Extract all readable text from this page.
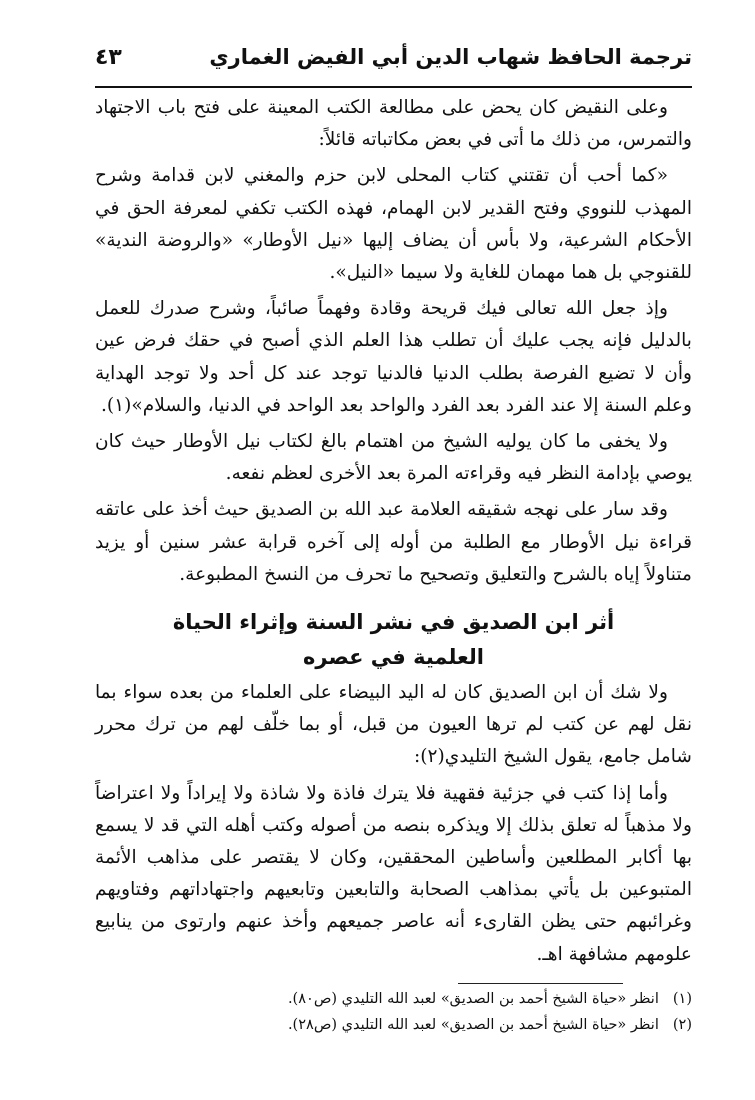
ترجمة الحافظ شهاب الدين أبي الفيض الغماري
٤٣

وعلى النقيض كان يحض على مطالعة الكتب المعينة على فتح باب الاجتهاد والتمرس، من ذلك ما أتى في بعض مكاتباته قائلاً:

«كما أحب أن تقتني كتاب المحلى لابن حزم والمغني لابن قدامة وشرح المهذب للنووي وفتح القدير لابن الهمام، فهذه الكتب تكفي لمعرفة الحق في الأحكام الشرعية، ولا بأس أن يضاف إليها «نيل الأوطار» «والروضة الندية» للقنوجي بل هما مهمان للغاية ولا سيما «النيل».

وإذ جعل الله تعالى فيك قريحة وقادة وفهماً صائباً، وشرح صدرك للعمل بالدليل فإنه يجب عليك أن تطلب هذا العلم الذي أصبح في حقك فرض عين وأن لا تضيع الفرصة بطلب الدنيا فالدنيا توجد عند كل أحد ولا توجد الهداية وعلم السنة إلا عند الفرد بعد الفرد والواحد بعد الواحد في الدنيا، والسلام»(١).

ولا يخفى ما كان يوليه الشيخ من اهتمام بالغ لكتاب نيل الأوطار حيث كان يوصي بإدامة النظر فيه وقراءته المرة بعد الأخرى لعظم نفعه.

وقد سار على نهجه شقيقه العلامة عبد الله بن الصديق حيث أخذ على عاتقه قراءة نيل الأوطار مع الطلبة من أوله إلى آخره قرابة عشر سنين أو يزيد متناولاً إياه بالشرح والتعليق وتصحيح ما تحرف من النسخ المطبوعة.

أثر ابن الصديق في نشر السنة وإثراء الحياة
العلمية في عصره

ولا شك أن ابن الصديق كان له اليد البيضاء على العلماء من بعده سواء بما نقل لهم عن كتب لم ترها العيون من قبل، أو بما خلّف لهم من ترك محرر شامل جامع، يقول الشيخ التليدي(٢):

وأما إذا كتب في جزئية فقهية فلا يترك فاذة ولا شاذة ولا إيراداً ولا اعتراضاً ولا مذهباً له تعلق بذلك إلا ويذكره بنصه من أصوله وكتب أهله التي قد لا يسمع بها أكابر المطلعين وأساطين المحققين، وكان لا يقتصر على مذاهب الأئمة المتبوعين بل يأتي بمذاهب الصحابة والتابعين وتابعيهم واجتهاداتهم وفتاويهم وغرائبهم حتى يظن القارىء أنه عاصر جميعهم وأخذ عنهم وارتوى من ينابيع علومهم مشافهة اهـ.

(١)
انظر «حياة الشيخ أحمد بن الصديق» لعبد الله التليدي (ص٨٠).
(٢)
انظر «حياة الشيخ أحمد بن الصديق» لعبد الله التليدي (ص٢٨).
